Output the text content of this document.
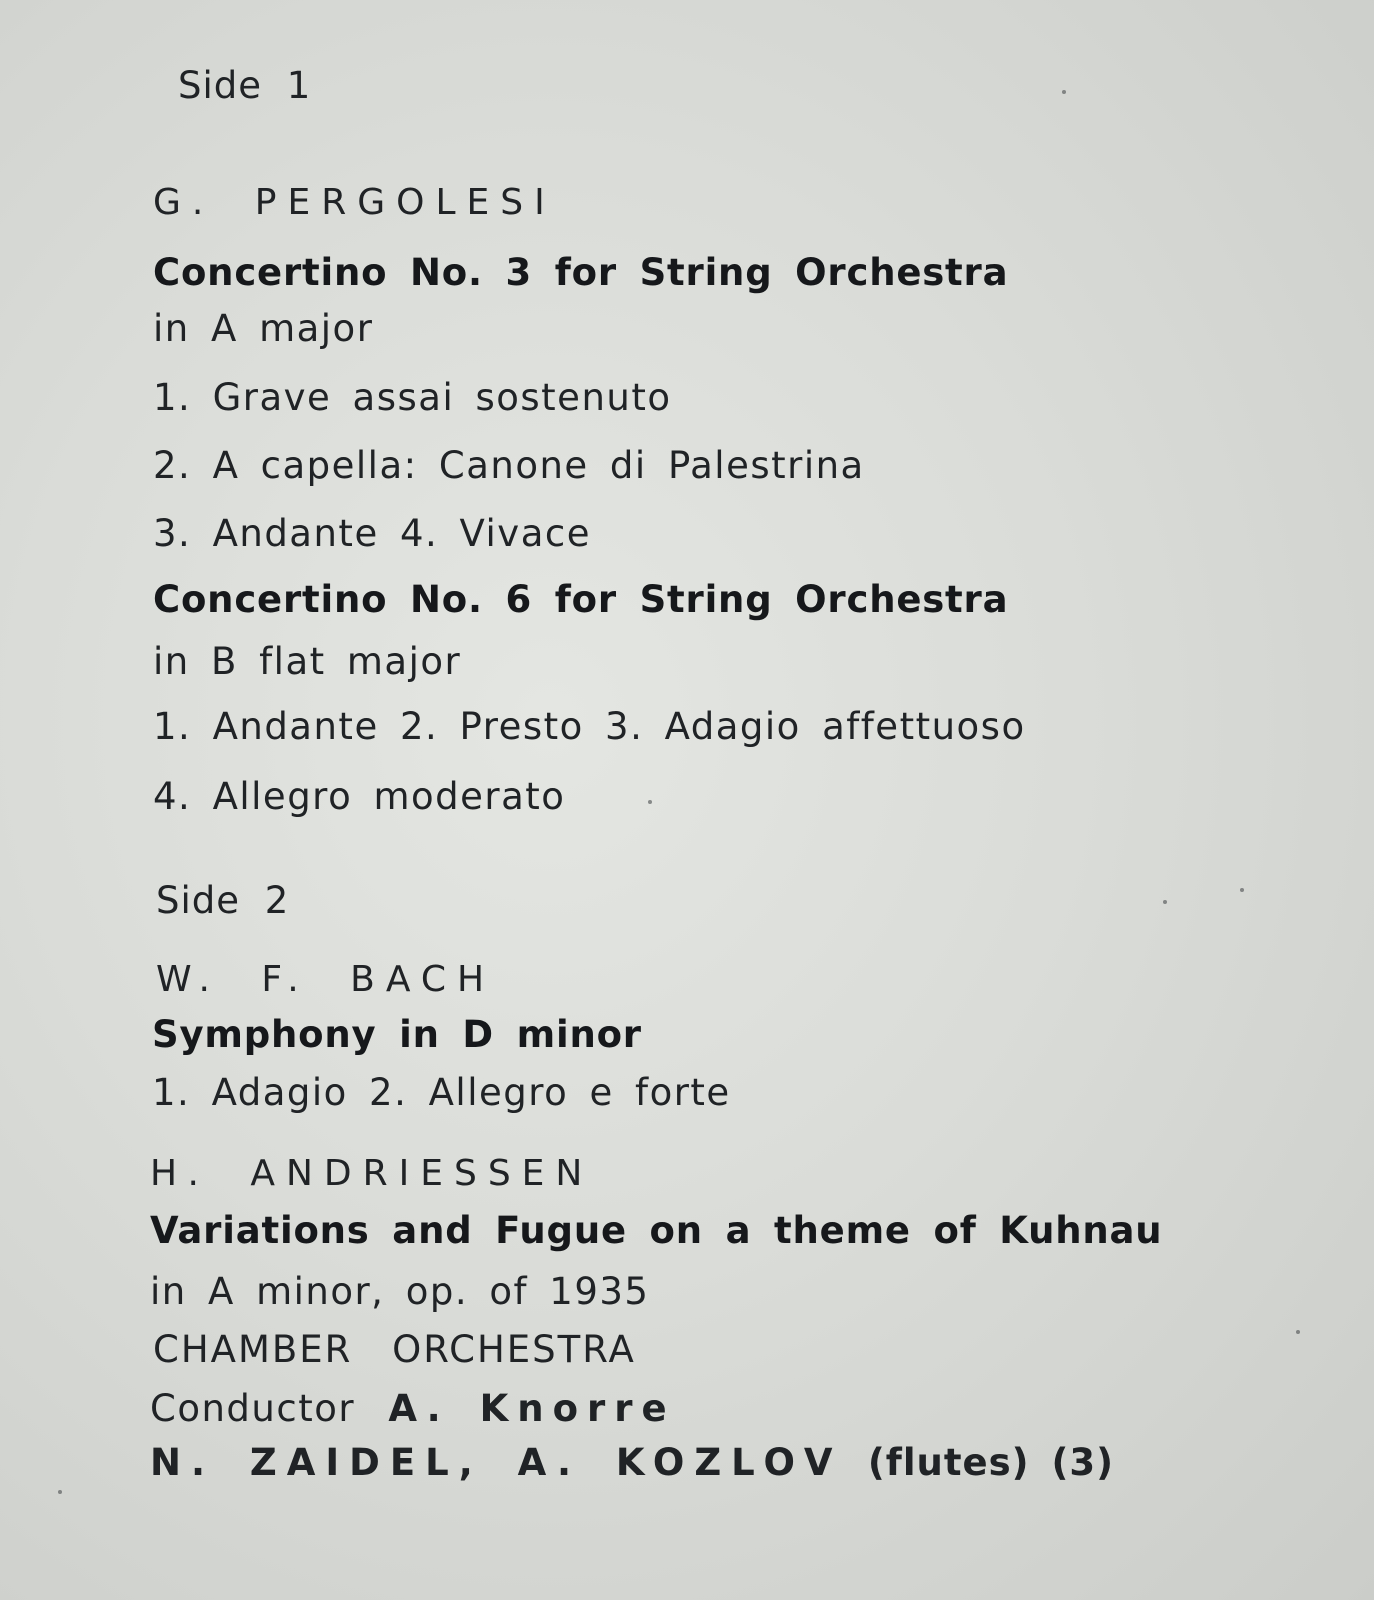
Side 1
G. PERGOLESI
Concertino No. 3 for String Orchestra
in A major
1. Grave assai sostenuto
2. A capella: Canone di Palestrina
3. Andante 4. Vivace
Concertino No. 6 for String Orchestra
in B flat major
1. Andante 2. Presto 3. Adagio affettuoso
4. Allegro moderato
Side 2
W. F. BACH
Symphony in D minor
1. Adagio 2. Allegro e forte
H. ANDRIESSEN
Variations and Fugue on a theme of Kuhnau
in A minor, op. of 1935
CHAMBER ORCHESTRA
Conductor A. Knorre
N. ZAIDEL, A. KOZLOV (flutes) (3)
